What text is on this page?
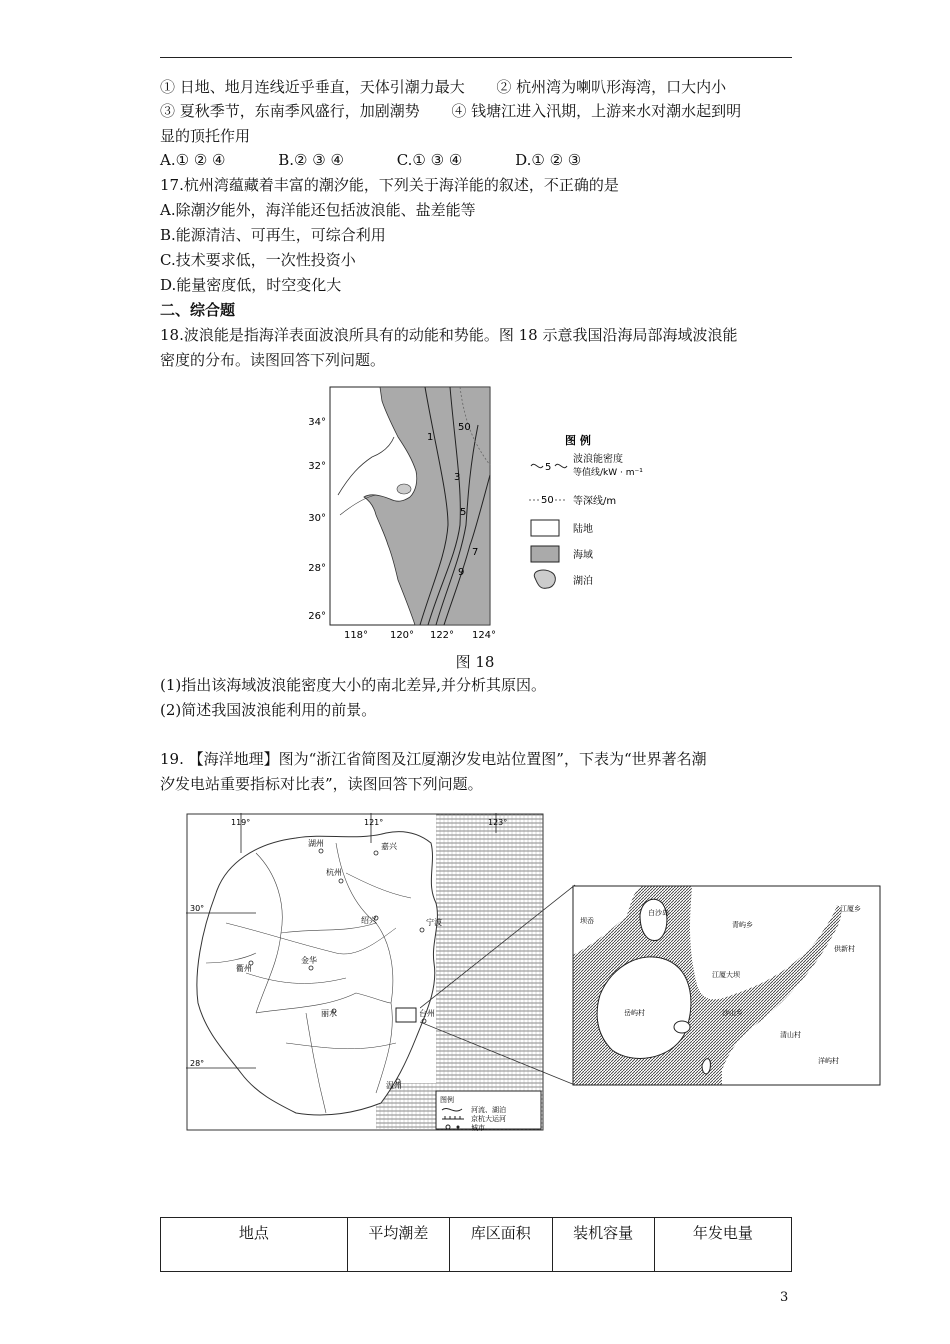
① 日地、地月连线近乎垂直，天体引潮力最大 ② 杭州湾为喇叭形海湾，口大内小
③ 夏秋季节，东南季风盛行，加剧潮势 ④ 钱塘江进入汛期，上游来水对潮水起到明
显的顶托作用
A.① ② ④	B.② ③ ④	C.① ③ ④	D.① ② ③
17.杭州湾蕴藏着丰富的潮汐能，下列关于海洋能的叙述，不正确的是
A.除潮汐能外，海洋能还包括波浪能、盐差能等
B.能源清洁、可再生，可综合利用
C.技术要求低，一次性投资小
D.能量密度低，时空变化大
二、综合题
18.波浪能是指海洋表面波浪所具有的动能和势能。图 18 示意我国沿海局部海域波浪能
密度的分布。读图回答下列问题。
1
3
5
7
9
50
34°
32°
30°
28°
26°
118° 120° 122° 124°
图 例
5
波浪能密度
等值线/kW · m⁻¹
50 等深线/m
陆地
海域
湖泊
图 18
(1)指出该海域波浪能密度大小的南北差异,并分析其原因。
(2)简述我国波浪能利用的前景。
19. 【海洋地理】图为“浙江省简图及江厦潮汐发电站位置图”，下表为“世界著名潮
汐发电站重要指标对比表”，读图回答下列问题。
119°	121°	123°
30°
28°
湖州	嘉兴
杭州
绍兴	宁波
衢州
金华
丽水	台州
温州
图例
河流、湖泊
京杭大运河
城市
坝岙
白沙岛
青屿乡
江厦乡
供新村
江厦大坝
岳屿村	沙山乡
清山村
洋屿村
地点	平均潮差	库区面积	装机容量	年发电量
3
